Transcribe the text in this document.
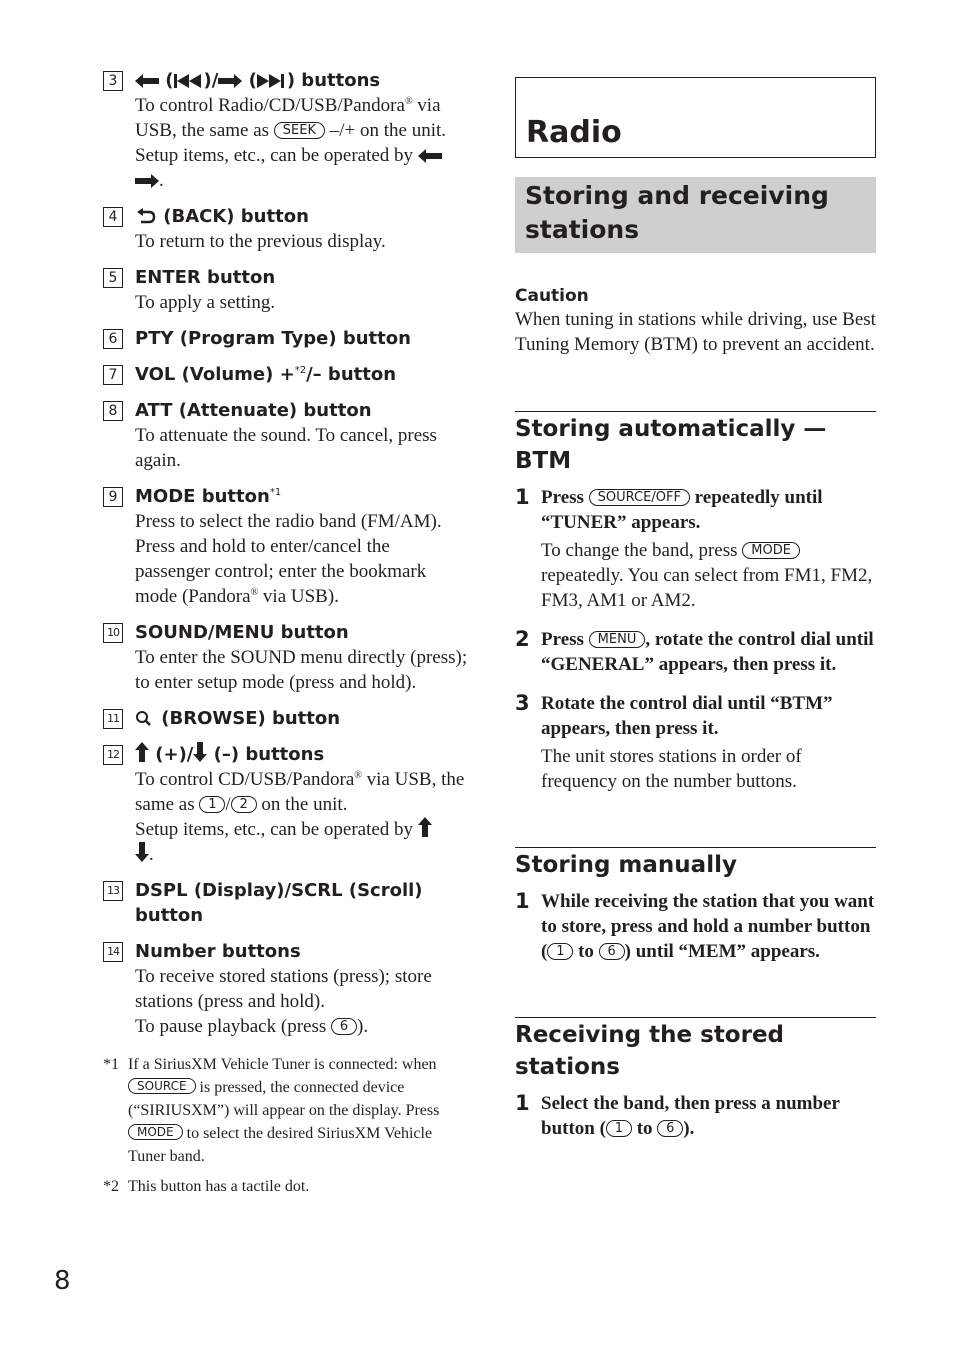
3	( )/ ( ) buttons
To control Radio/CD/USB/Pandora® via USB, the same as SEEK –/+ on the unit.
Setup items, etc., can be operated by
.
4	(BACK) button
To return to the previous display.
5 ENTER button
To apply a setting.
6 PTY (Program Type) button
7 VOL (Volume) +$^{*2}$/– button
8 ATT (Attenuate) button
To attenuate the sound. To cancel, press again.
9 MODE button$^{*1}$
Press to select the radio band (FM/AM). Press and hold to enter/cancel the passenger control; enter the bookmark mode (Pandora® via USB).
10 SOUND/MENU button
To enter the SOUND menu directly (press); to enter setup mode (press and hold).
11	(BROWSE) button
12	(+)/ (–) buttons
To control CD/USB/Pandora® via USB, the same as 1 / 2 on the unit.
Setup items, etc., can be operated by
.
13 DSPL (Display)/SCRL (Scroll) button
14 Number buttons
To receive stored stations (press); store stations (press and hold).
To pause playback (press 6 ).
*1 If a SiriusXM Vehicle Tuner is connected: when SOURCE is pressed, the connected device (“SIRIUSXM”) will appear on the display. Press MODE to select the desired SiriusXM Vehicle Tuner band.
*2 This button has a tactile dot.
8
Radio
Storing and receiving stations
Caution
When tuning in stations while driving, use Best Tuning Memory (BTM) to prevent an accident.
Storing automatically — BTM
1 Press SOURCE/OFF repeatedly until “TUNER” appears.
To change the band, press MODE repeatedly. You can select from FM1, FM2, FM3, AM1 or AM2.
2 Press MENU , rotate the control dial until “GENERAL” appears, then press it.
3 Rotate the control dial until “BTM” appears, then press it.
The unit stores stations in order of frequency on the number buttons.
Storing manually
1 While receiving the station that you want to store, press and hold a number button ( 1 to 6 ) until “MEM” appears.
Receiving the stored stations
1 Select the band, then press a number button ( 1 to 6 ).
